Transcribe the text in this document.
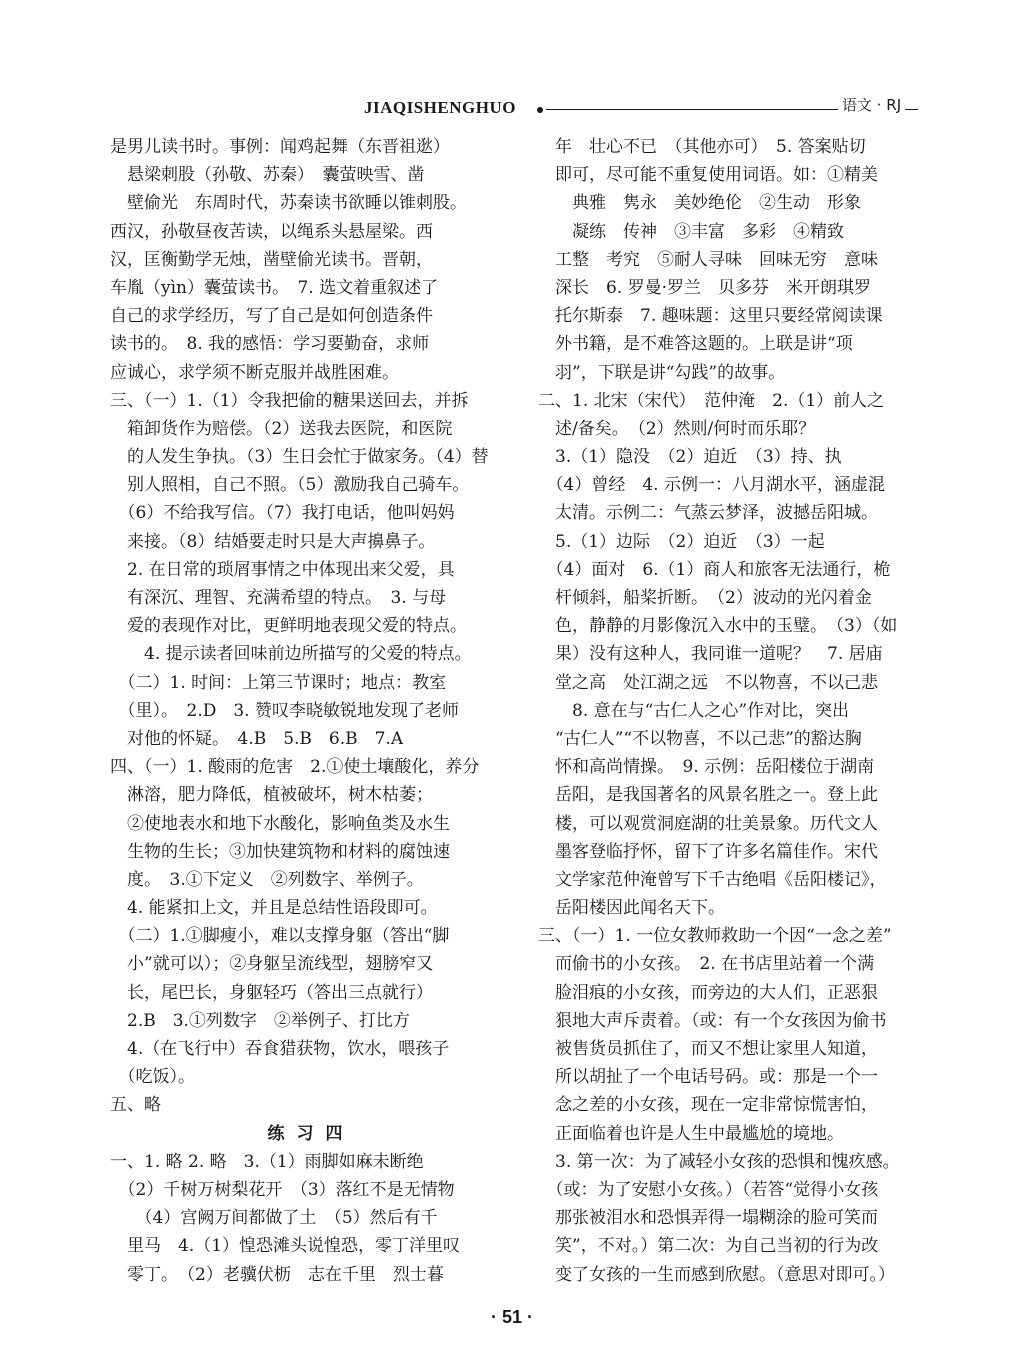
JIAQISHENGHUO	语文 · RJ
是男儿读书时。事例：闻鸡起舞（东晋祖逖）
　悬梁刺股（孙敬、苏秦）　囊萤映雪、凿
　壁偷光　东周时代，苏秦读书欲睡以锥刺股。
西汉，孙敬昼夜苦读，以绳系头悬屋梁。西
汉，匡衡勤学无烛，凿壁偷光读书。晋朝，
车胤（yìn）囊萤读书。　7. 选文着重叙述了
自己的求学经历，写了自己是如何创造条件
读书的。　8. 我的感悟：学习要勤奋，求师
应诚心，求学须不断克服并战胜困难。
三、（一）1.（1）令我把偷的糖果送回去，并拆
　箱卸货作为赔偿。（2）送我去医院，和医院
　的人发生争执。（3）生日会忙于做家务。（4）替
　别人照相，自己不照。（5）激励我自己骑车。
　（6）不给我写信。（7）我打电话，他叫妈妈
　来接。（8）结婚要走时只是大声擤鼻子。
　2. 在日常的琐屑事情之中体现出来父爱，具
　有深沉、理智、充满希望的特点。　3. 与母
　爱的表现作对比，更鲜明地表现父爱的特点。
　　4. 提示读者回味前边所描写的父爱的特点。
　（二）1. 时间：上第三节课时；地点：教室
　（里）。　2.D　3. 赞叹李晓敏锐地发现了老师
　对他的怀疑。　4.B　5.B　6.B　7.A
四、（一）1. 酸雨的危害　2.①使土壤酸化，养分
　淋溶，肥力降低，植被破坏，树木枯萎；
　②使地表水和地下水酸化，影响鱼类及水生
　生物的生长；③加快建筑物和材料的腐蚀速
　度。　3.①下定义　②列数字、举例子。
　4. 能紧扣上文，并且是总结性语段即可。
　（二）1.①脚瘦小，难以支撑身躯（答出“脚
　小”就可以）；②身躯呈流线型，翅膀窄又
　长，尾巴长，身躯轻巧（答出三点就行）
　2.B　3.①列数字　②举例子、打比方
　4.（在飞行中）吞食猎获物，饮水，喂孩子
　（吃饭）。
五、略
练习四
一、1. 略 2. 略　3.（1）雨脚如麻未断绝
　（2）千树万树梨花开　（3）落红不是无情物
　　（4）宫阙万间都做了土　（5）然后有千
　里马　4.（1）惶恐滩头说惶恐，零丁洋里叹
　零丁。　（2）老骥伏枥　志在千里　烈士暮
　年　壮心不已　（其他亦可）　5. 答案贴切
　即可，尽可能不重复使用词语。如：①精美
　　典雅　隽永　美妙绝伦　②生动　形象
　　凝练　传神　③丰富　多彩　④精致
　工整　考究　⑤耐人寻味　回味无穷　意味
　深长　6. 罗曼·罗兰　贝多芬　米开朗琪罗
　托尔斯泰　7. 趣味题：这里只要经常阅读课
　外书籍，是不难答这题的。上联是讲“项
　羽”，下联是讲“勾践”的故事。
二、1. 北宋（宋代）　范仲淹　2.（1）前人之
　述/备矣。　（2）然则/何时而乐耶？
　3.（1）隐没　（2）迫近　（3）持、执
　（4）曾经　4. 示例一：八月湖水平，涵虚混
　太清。示例二：气蒸云梦泽，波撼岳阳城。
　5.（1）边际　（2）迫近　（3）一起
　（4）面对　6.（1）商人和旅客无法通行，桅
　杆倾斜，船桨折断。　（2）波动的光闪着金
　色，静静的月影像沉入水中的玉璧。　（3）（如
　果）没有这种人，我同谁一道呢？　7. 居庙
　堂之高　处江湖之远　不以物喜，不以己悲
　　8. 意在与“古仁人之心”作对比，突出
　“古仁人”“不以物喜，不以己悲”的豁达胸
　怀和高尚情操。　9. 示例：岳阳楼位于湖南
　岳阳，是我国著名的风景名胜之一。登上此
　楼，可以观赏洞庭湖的壮美景象。历代文人
　墨客登临抒怀，留下了许多名篇佳作。宋代
　文学家范仲淹曾写下千古绝唱《岳阳楼记》，
　岳阳楼因此闻名天下。
三、（一）1. 一位女教师救助一个因“一念之差”
　而偷书的小女孩。　2. 在书店里站着一个满
　脸泪痕的小女孩，而旁边的大人们，正恶狠
　狠地大声斥责着。（或：有一个女孩因为偷书
　被售货员抓住了，而又不想让家里人知道，
　所以胡扯了一个电话号码。或：那是一个一
　念之差的小女孩，现在一定非常惊慌害怕，
　正面临着也许是人生中最尴尬的境地。
　3. 第一次：为了减轻小女孩的恐惧和愧疚感。
　（或：为了安慰小女孩。）（若答“觉得小女孩
　那张被泪水和恐惧弄得一塌糊涂的脸可笑而
　笑”，不对。）第二次：为自己当初的行为改
　变了女孩的一生而感到欣慰。（意思对即可。）
· 51 ·
